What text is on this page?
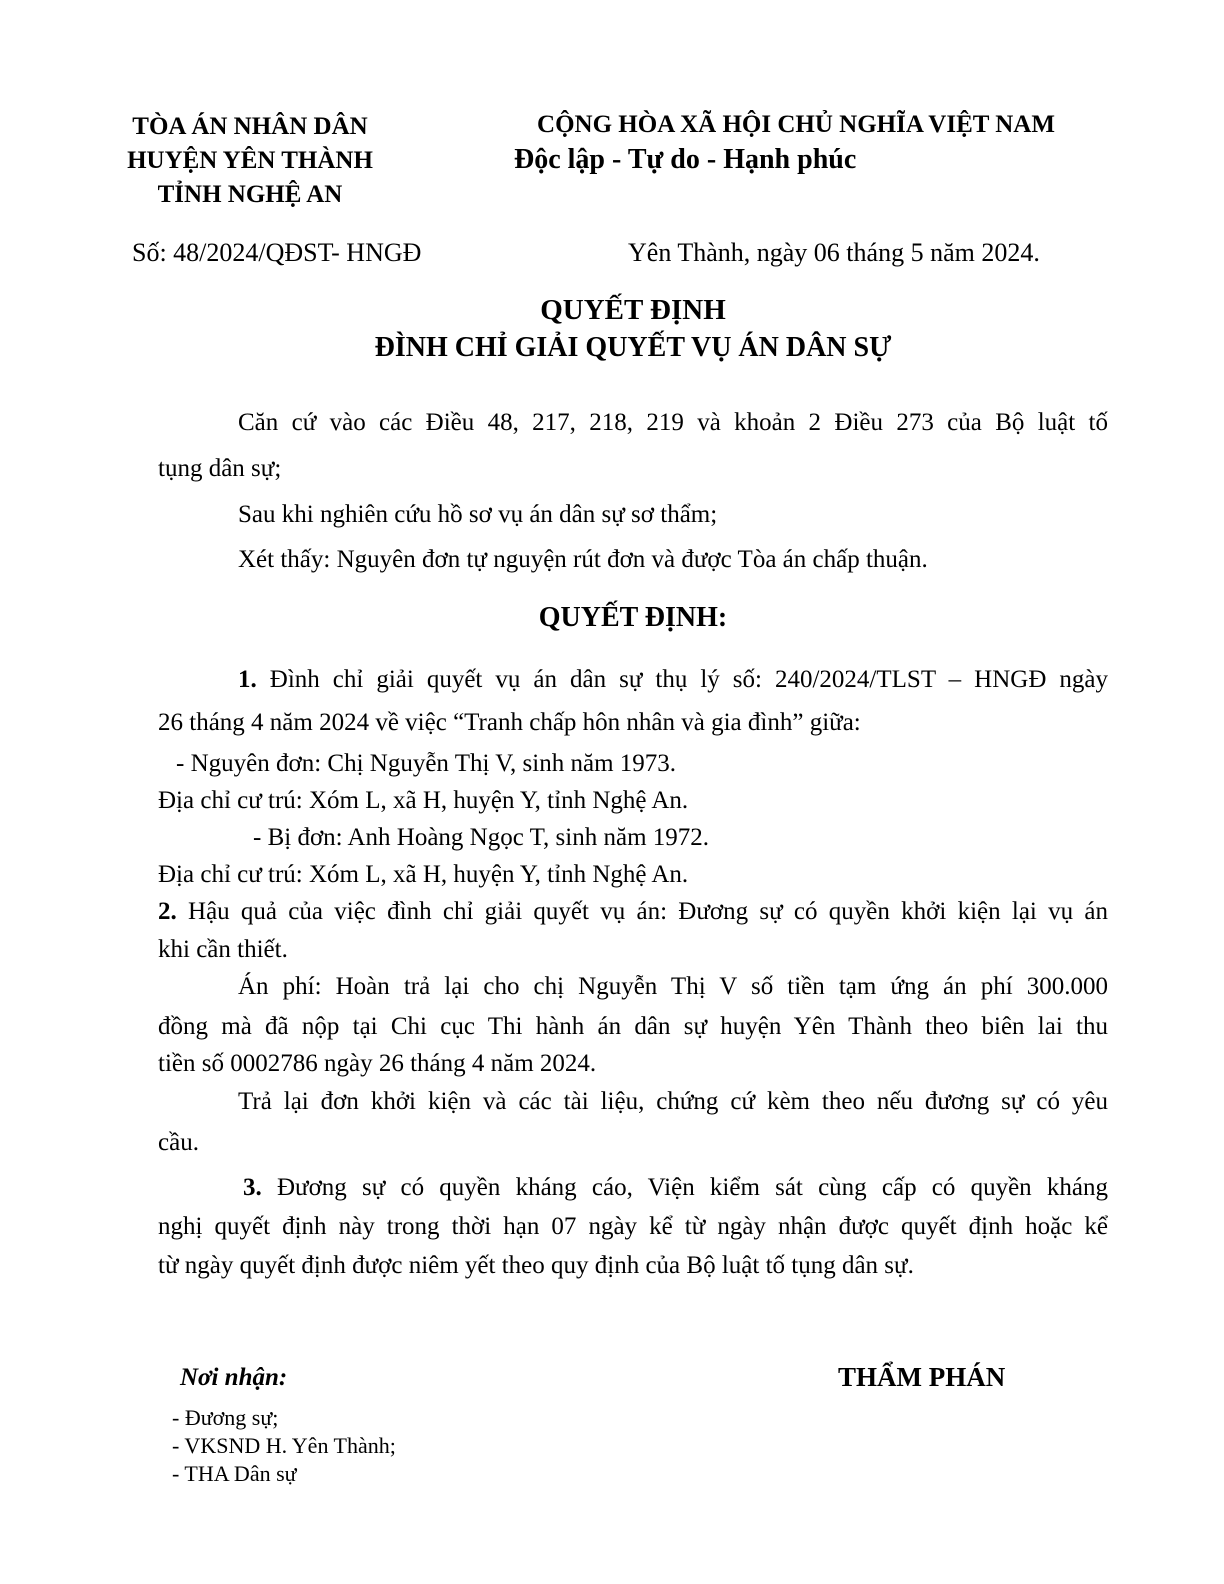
TÒA ÁN NHÂN DÂN
HUYỆN YÊN THÀNH
TỈNH NGHỆ AN
CỘNG HÒA XÃ HỘI CHỦ NGHĨA VIỆT NAM
Độc lập - Tự do - Hạnh phúc
Số: 48/2024/QĐST- HNGĐ	Yên Thành, ngày 06 tháng 5 năm 2024.
QUYẾT ĐỊNH
ĐÌNH CHỈ GIẢI QUYẾT VỤ ÁN DÂN SỰ
Căn cứ vào các Điều 48, 217, 218, 219 và khoản 2 Điều 273 của Bộ luật tố
tụng dân sự;
Sau khi nghiên cứu hồ sơ vụ án dân sự sơ thẩm;
Xét thấy: Nguyên đơn tự nguyện rút đơn và được Tòa án chấp thuận.
QUYẾT ĐỊNH:
1. Đình chỉ giải quyết vụ án dân sự thụ lý số: 240/2024/TLST – HNGĐ ngày
26 tháng 4 năm 2024 về việc “Tranh chấp hôn nhân và gia đình” giữa:
- Nguyên đơn: Chị Nguyễn Thị V, sinh năm 1973.
Địa chỉ cư trú: Xóm L, xã H, huyện Y, tỉnh Nghệ An.
- Bị đơn: Anh Hoàng Ngọc T, sinh năm 1972.
Địa chỉ cư trú: Xóm L, xã H, huyện Y, tỉnh Nghệ An.
2. Hậu quả của việc đình chỉ giải quyết vụ án: Đương sự có quyền khởi kiện lại vụ án
khi cần thiết.
Án phí: Hoàn trả lại cho chị Nguyễn Thị V số tiền tạm ứng án phí 300.000
đồng mà đã nộp tại Chi cục Thi hành án dân sự huyện Yên Thành theo biên lai thu
tiền số 0002786 ngày 26 tháng 4 năm 2024.
Trả lại đơn khởi kiện và các tài liệu, chứng cứ kèm theo nếu đương sự có yêu
cầu.
3. Đương sự có quyền kháng cáo, Viện kiểm sát cùng cấp có quyền kháng
nghị quyết định này trong thời hạn 07 ngày kể từ ngày nhận được quyết định hoặc kể
từ ngày quyết định được niêm yết theo quy định của Bộ luật tố tụng dân sự.
Nơi nhận:
- Đương sự;
- VKSND H. Yên Thành;
- THA Dân sự
THẨM PHÁN
